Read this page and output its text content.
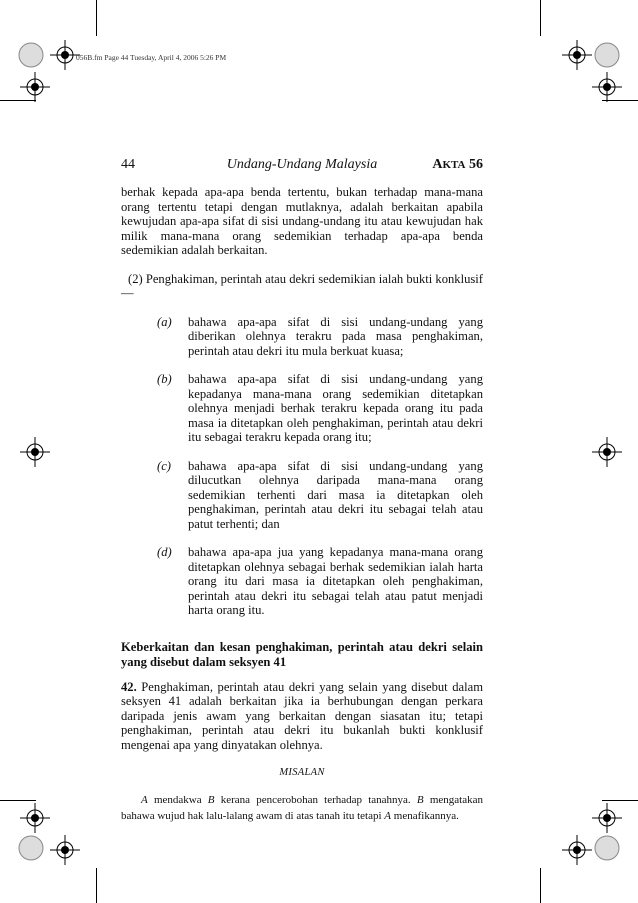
056B.fm Page 44 Tuesday, April 4, 2006 5:26 PM
44	Undang-Undang Malaysia	AKTA 56

berhak kepada apa-apa benda tertentu, bukan terhadap mana-mana orang tertentu tetapi dengan mutlaknya, adalah berkaitan apabila kewujudan apa-apa sifat di sisi undang-undang itu atau kewujudan hak milik mana-mana orang sedemikian terhadap apa-apa benda sedemikian adalah berkaitan.

(2) Penghakiman, perintah atau dekri sedemikian ialah bukti konklusif—

(a) bahawa apa-apa sifat di sisi undang-undang yang diberikan olehnya terakru pada masa penghakiman, perintah atau dekri itu mula berkuat kuasa;
(b) bahawa apa-apa sifat di sisi undang-undang yang kepadanya mana-mana orang sedemikian ditetapkan olehnya menjadi berhak terakru kepada orang itu pada masa ia ditetapkan oleh penghakiman, perintah atau dekri itu sebagai terakru kepada orang itu;
(c) bahawa apa-apa sifat di sisi undang-undang yang dilucutkan olehnya daripada mana-mana orang sedemikian terhenti dari masa ia ditetapkan oleh penghakiman, perintah atau dekri itu sebagai telah atau patut terhenti; dan
(d) bahawa apa-apa jua yang kepadanya mana-mana orang ditetapkan olehnya sebagai berhak sedemikian ialah harta orang itu dari masa ia ditetapkan oleh penghakiman, perintah atau dekri itu sebagai telah atau patut menjadi harta orang itu.

Keberkaitan dan kesan penghakiman, perintah atau dekri selain yang disebut dalam seksyen 41

42. Penghakiman, perintah atau dekri yang selain yang disebut dalam seksyen 41 adalah berkaitan jika ia berhubungan dengan perkara daripada jenis awam yang berkaitan dengan siasatan itu; tetapi penghakiman, perintah atau dekri itu bukanlah bukti konklusif mengenai apa yang dinyatakan olehnya.

MISALAN

A mendakwa B kerana pencerobohan terhadap tanahnya. B mengatakan bahawa wujud hak lalu-lalang awam di atas tanah itu tetapi A menafikannya.
